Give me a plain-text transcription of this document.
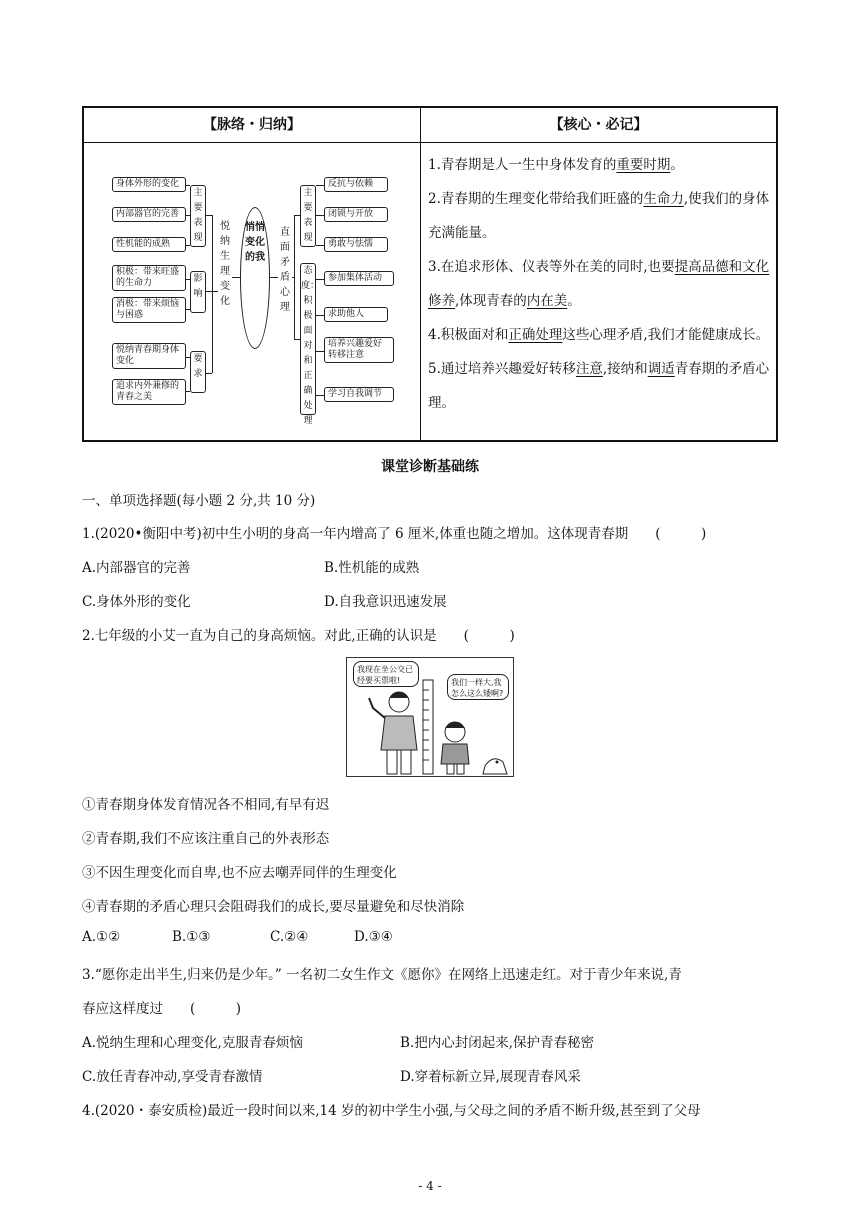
【脉络・归纳】	【核心・必记】
身体外形的变化
内部器官的完善
性机能的成熟
积极：带来旺盛的生命力
消极：带来烦恼与困惑
悦纳青春期身体变化
追求内外兼修的青春之美
主要表现
影响
要求
悦纳生理变化
悄悄变化的我
直面矛盾心理
主要表现
态度：积极面对和正确处理
反抗与依赖
闭锁与开放
勇敢与怯懦
参加集体活动
求助他人
培养兴趣爱好转移注意
学习自我调节

1.青春期是人一生中身体发育的重要时期。

2.青春期的生理变化带给我们旺盛的生命力,使我们的身体充满能量。

3.在追求形体、仪表等外在美的同时,也要提高品德和文化修养,体现青春的内在美。

4.积极面对和正确处理这些心理矛盾,我们才能健康成长。

5.通过培养兴趣爱好转移注意,接纳和调适青春期的矛盾心理。

课堂诊断基础练
一、单项选择题(每小题 2 分,共 10 分)
1.(2020•衡阳中考)初中生小明的身高一年内增高了 6 厘米,体重也随之增加。这体现青春期　　(　　　)
A.内部器官的完善	B.性机能的成熟
C.身体外形的变化	D.自我意识迅速发展
2.七年级的小艾一直为自己的身高烦恼。对此,正确的认识是　　(　　　)
我现在坐公交已经要买票啦!	我们一样大,我怎么这么矮啊?
①青春期身体发育情况各不相同,有早有迟
②青春期,我们不应该注重自己的外表形态
③不因生理变化而自卑,也不应去嘲弄同伴的生理变化
④青春期的矛盾心理只会阻碍我们的成长,要尽量避免和尽快消除
A.①②	B.①③	C.②④	D.③④
3.“愿你走出半生,归来仍是少年。” 一名初二女生作文《愿你》在网络上迅速走红。对于青少年来说,青
春应这样度过　　(　　　)
A.悦纳生理和心理变化,克服青春烦恼	B.把内心封闭起来,保护青春秘密
C.放任青春冲动,享受青春激情	D.穿着标新立异,展现青春风采
4.(2020・泰安质检)最近一段时间以来,14 岁的初中学生小强,与父母之间的矛盾不断升级,甚至到了父母
- 4 -
